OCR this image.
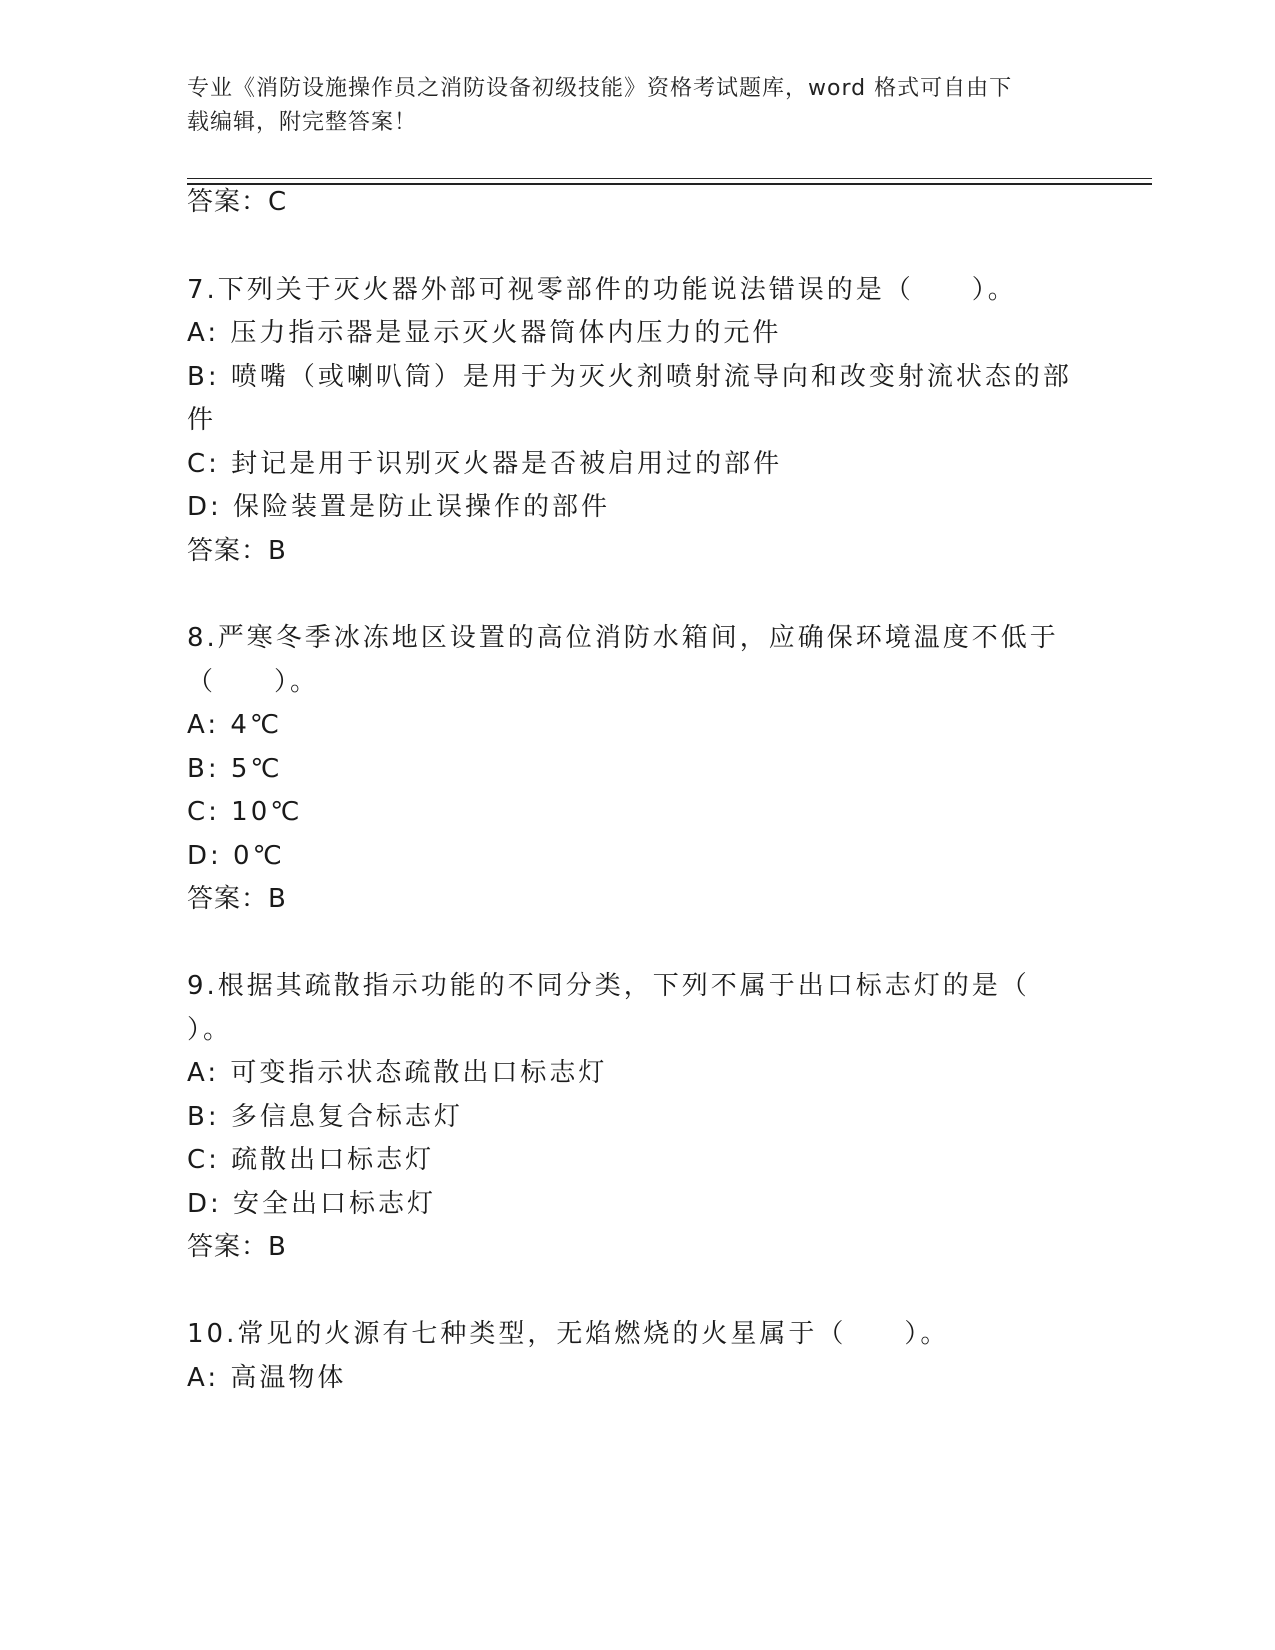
专业《消防设施操作员之消防设备初级技能》资格考试题库，word 格式可自由下
载编辑，附完整答案！
答案：C
7.下列关于灭火器外部可视零部件的功能说法错误的是（　　）。
A: 压力指示器是显示灭火器筒体内压力的元件
B: 喷嘴（或喇叭筒）是用于为灭火剂喷射流导向和改变射流状态的部
件
C: 封记是用于识别灭火器是否被启用过的部件
D: 保险装置是防止误操作的部件
答案：B
8.严寒冬季冰冻地区设置的高位消防水箱间，应确保环境温度不低于
（　　）。
A: 4℃
B: 5℃
C: 10℃
D: 0℃
答案：B
9.根据其疏散指示功能的不同分类，下列不属于出口标志灯的是（
）。
A: 可变指示状态疏散出口标志灯
B: 多信息复合标志灯
C: 疏散出口标志灯
D: 安全出口标志灯
答案：B
10.常见的火源有七种类型，无焰燃烧的火星属于（　　）。
A: 高温物体
